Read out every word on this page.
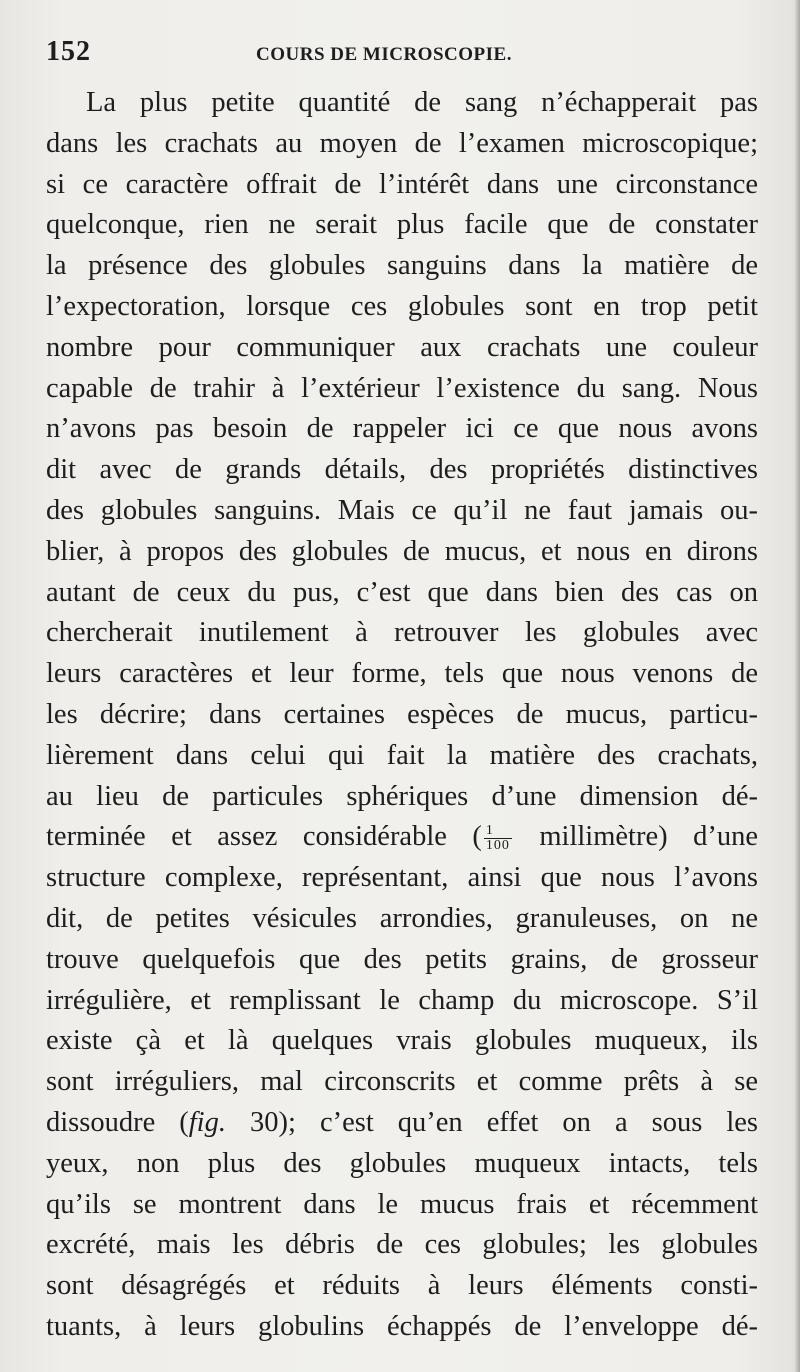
152	COURS DE MICROSCOPIE.
La plus petite quantité de sang n’échapperait pas
dans les crachats au moyen de l’examen microscopique;
si ce caractère offrait de l’intérêt dans une circonstance
quelconque, rien ne serait plus facile que de constater
la présence des globules sanguins dans la matière de
l’expectoration, lorsque ces globules sont en trop petit
nombre pour communiquer aux crachats une couleur
capable de trahir à l’extérieur l’existence du sang. Nous
n’avons pas besoin de rappeler ici ce que nous avons
dit avec de grands détails, des propriétés distinctives
des globules sanguins. Mais ce qu’il ne faut jamais ou-
blier, à propos des globules de mucus, et nous en dirons
autant de ceux du pus, c’est que dans bien des cas on
chercherait inutilement à retrouver les globules avec
leurs caractères et leur forme, tels que nous venons de
les décrire; dans certaines espèces de mucus, particu-
lièrement dans celui qui fait la matière des crachats,
au lieu de particules sphériques d’une dimension dé-
terminée et assez considérable ( $\frac{1}{100}$ millimètre) d’une
structure complexe, représentant, ainsi que nous l’avons
dit, de petites vésicules arrondies, granuleuses, on ne
trouve quelquefois que des petits grains, de grosseur
irrégulière, et remplissant le champ du microscope. S’il
existe çà et là quelques vrais globules muqueux, ils
sont irréguliers, mal circonscrits et comme prêts à se
dissoudre (fig. 30); c’est qu’en effet on a sous les
yeux, non plus des globules muqueux intacts, tels
qu’ils se montrent dans le mucus frais et récemment
excrété, mais les débris de ces globules; les globules
sont désagrégés et réduits à leurs éléments consti-
tuants, à leurs globulins échappés de l’enveloppe dé-
